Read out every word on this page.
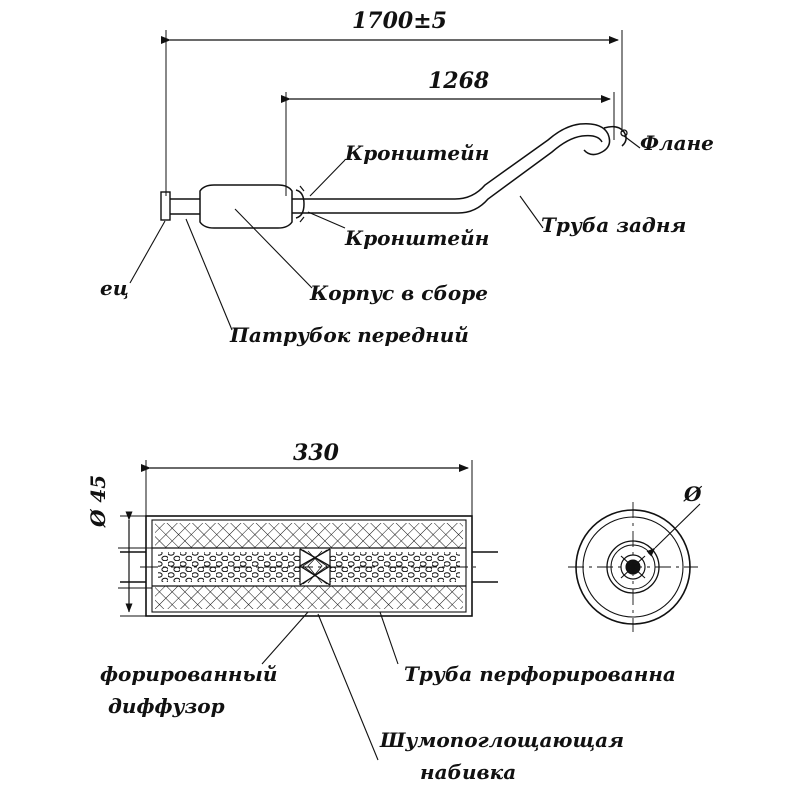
1700±5
1268
Кронштейн
Кронштейн
Флане
Труба задня
Корпус в сборе
Патрубок передний
ец
330
Ø 45
форированный
диффузор
Труба перфорированна
Шумопоглощающая
набивка
Ø
